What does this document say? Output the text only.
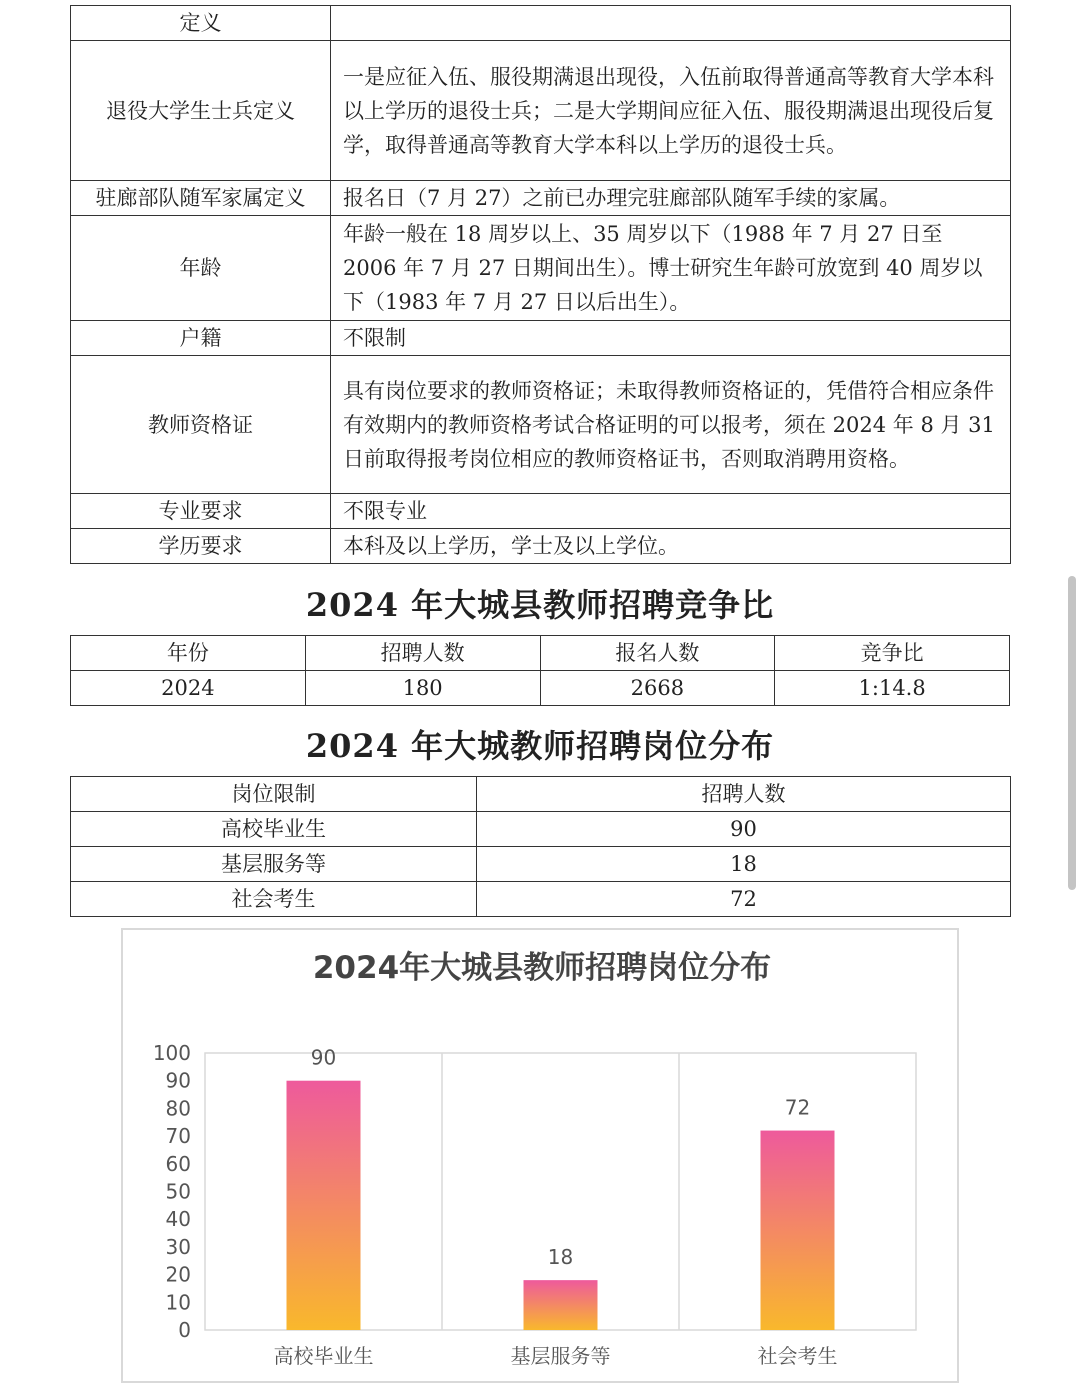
定义	
退役大学生士兵定义	一是应征入伍、服役期满退出现役，入伍前取得普通高等教育大学本科以上学历的退役士兵；二是大学期间应征入伍、服役期满退出现役后复学，取得普通高等教育大学本科以上学历的退役士兵。
驻廊部队随军家属定义	报名日（7 月 27）之前已办理完驻廊部队随军手续的家属。
年龄	年龄一般在 18 周岁以上、35 周岁以下（1988 年 7 月 27 日至 2006 年 7 月 27 日期间出生）。博士研究生年龄可放宽到 40 周岁以下（1983 年 7 月 27 日以后出生）。
户籍	不限制
教师资格证	具有岗位要求的教师资格证；未取得教师资格证的，凭借符合相应条件有效期内的教师资格考试合格证明的可以报考，须在 2024 年 8 月 31 日前取得报考岗位相应的教师资格证书，否则取消聘用资格。
专业要求	不限专业
学历要求	本科及以上学历，学士及以上学位。
2024 年大城县教师招聘竞争比
年份	招聘人数	报名人数	竞争比
2024	180	2668	1:14.8
2024 年大城教师招聘岗位分布
岗位限制	招聘人数
高校毕业生	90
基层服务等	18
社会考生	72
2024年大城县教师招聘岗位分布
0
10
20
30
40
50
60
70
80
90
100	90
高校毕业生
18
基层服务等
72
社会考生
